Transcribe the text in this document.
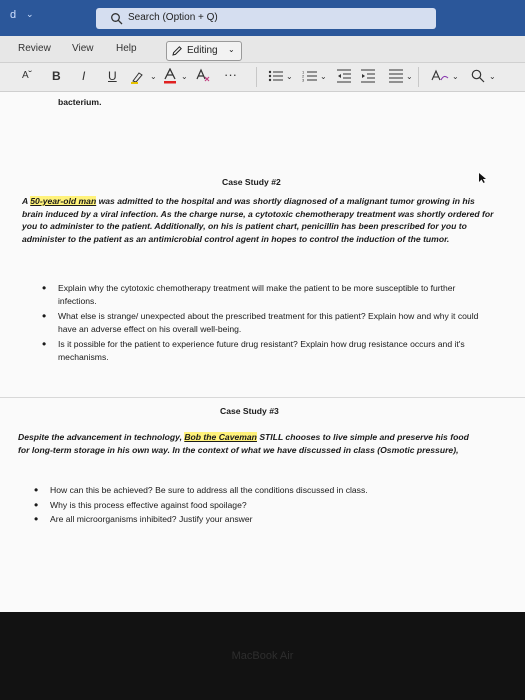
d ⌄	Search (Option + Q)
Review View Help	Editing ⌄
A˘ B I U	⌄	⌄	···	⌄ 1
2
3 ⌄	⌄	⌄	⌄
bacterium.
Case Study #2
A 50-year-old man was admitted to the hospital and was shortly diagnosed of a malignant tumor growing in his brain induced by a viral infection. As the charge nurse, a cytotoxic chemotherapy treatment was shortly ordered for you to administer to the patient. Additionally, on his is patient chart, penicillin has been prescribed for you to administer to the patient as an antimicrobial control agent in hopes to control the induction of the tumor.
• Explain why the cytotoxic chemotherapy treatment will make the patient to be more susceptible to further infections.
• What else is strange/ unexpected about the prescribed treatment for this patient? Explain how and why it could have an adverse effect on his overall well-being.
• Is it possible for the patient to experience future drug resistant? Explain how drug resistance occurs and it's mechanisms.
Case Study #3
Despite the advancement in technology, Bob the Caveman STILL chooses to live simple and preserve his food for long-term storage in his own way. In the context of what we have discussed in class (Osmotic pressure),
• How can this be achieved? Be sure to address all the conditions discussed in class.
• Why is this process effective against food spoilage?
• Are all microorganisms inhibited? Justify your answer
MacBook Air
